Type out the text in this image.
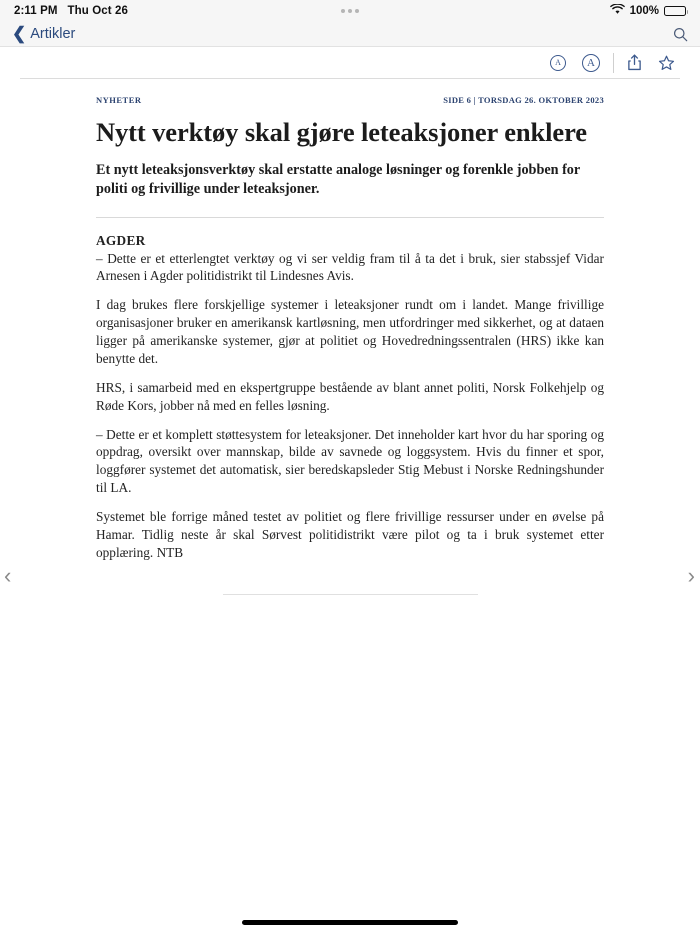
2:11 PM Thu Oct 26	100%
❮ Artikler
A	A
NYHETER	SIDE 6 | TORSDAG 26. OKTOBER 2023
Nytt verktøy skal gjøre leteaksjoner enklere

Et nytt leteaksjonsverktøy skal erstatte analoge løsninger og forenkle jobben for politi og frivillige under leteaksjoner.

AGDER
– Dette er et etterlengtet verktøy og vi ser veldig fram til å ta det i bruk, sier stabssjef Vidar Arnesen i Agder politidistrikt til Lindesnes Avis.

I dag brukes flere forskjellige systemer i leteaksjoner rundt om i landet. Mange frivillige organisasjoner bruker en amerikansk kartløsning, men utfordringer med sikkerhet, og at dataen ligger på amerikanske systemer, gjør at politiet og Hovedredningssentralen (HRS) ikke kan benytte det.

HRS, i samarbeid med en ekspertgruppe bestående av blant annet politi, Norsk Folkehjelp og Røde Kors, jobber nå med en felles løsning.

– Dette er et komplett støttesystem for leteaksjoner. Det inneholder kart hvor du har sporing og oppdrag, oversikt over mannskap, bilde av savnede og loggsystem. Hvis du finner et spor, loggfører systemet det automatisk, sier beredskapsleder Stig Mebust i Norske Redningshunder til LA.

Systemet ble forrige måned testet av politiet og flere frivillige ressurser under en øvelse på Hamar. Tidlig neste år skal Sørvest politidistrikt være pilot og ta i bruk systemet etter opplæring. NTB

‹	›
